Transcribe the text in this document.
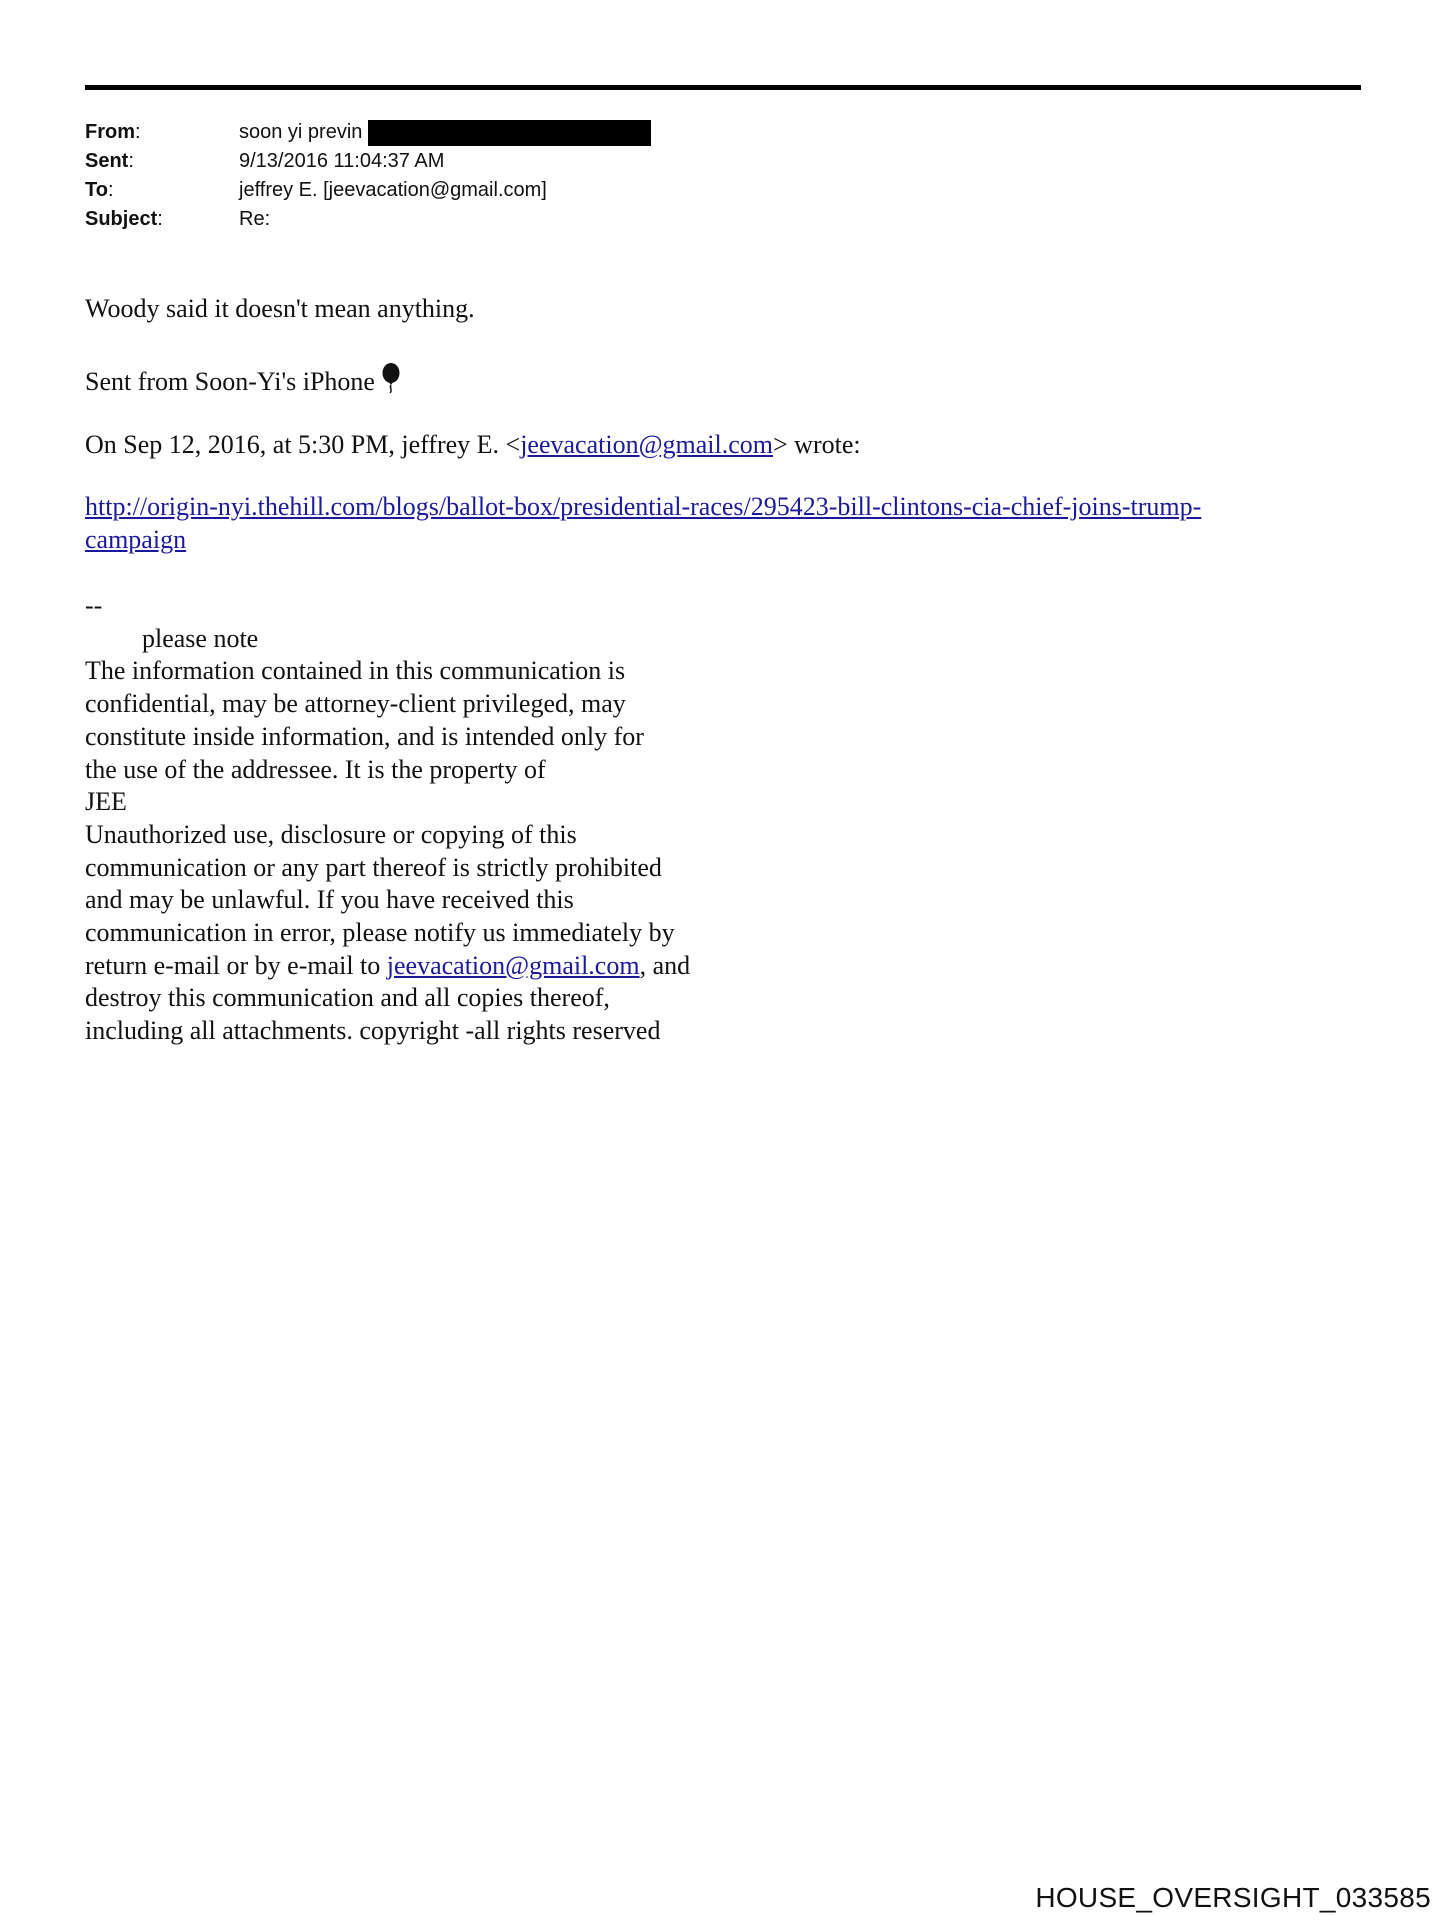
From:	soon yi previn
Sent:	9/13/2016 11:04:37 AM
To:	jeffrey E. [jeevacation@gmail.com]
Subject:	Re:
Woody said it doesn't mean anything.
Sent from Soon-Yi's iPhone
On Sep 12, 2016, at 5:30 PM, jeffrey E. <jeevacation@gmail.com> wrote:
http://origin-nyi.thehill.com/blogs/ballot-box/presidential-races/295423-bill-clintons-cia-chief-joins-trump-
campaign
--
please note
The information contained in this communication is
confidential, may be attorney-client privileged, may
constitute inside information, and is intended only for
the use of the addressee. It is the property of
JEE
Unauthorized use, disclosure or copying of this
communication or any part thereof is strictly prohibited
and may be unlawful. If you have received this
communication in error, please notify us immediately by
return e-mail or by e-mail to jeevacation@gmail.com, and
destroy this communication and all copies thereof,
including all attachments. copyright -all rights reserved
HOUSE_OVERSIGHT_033585
